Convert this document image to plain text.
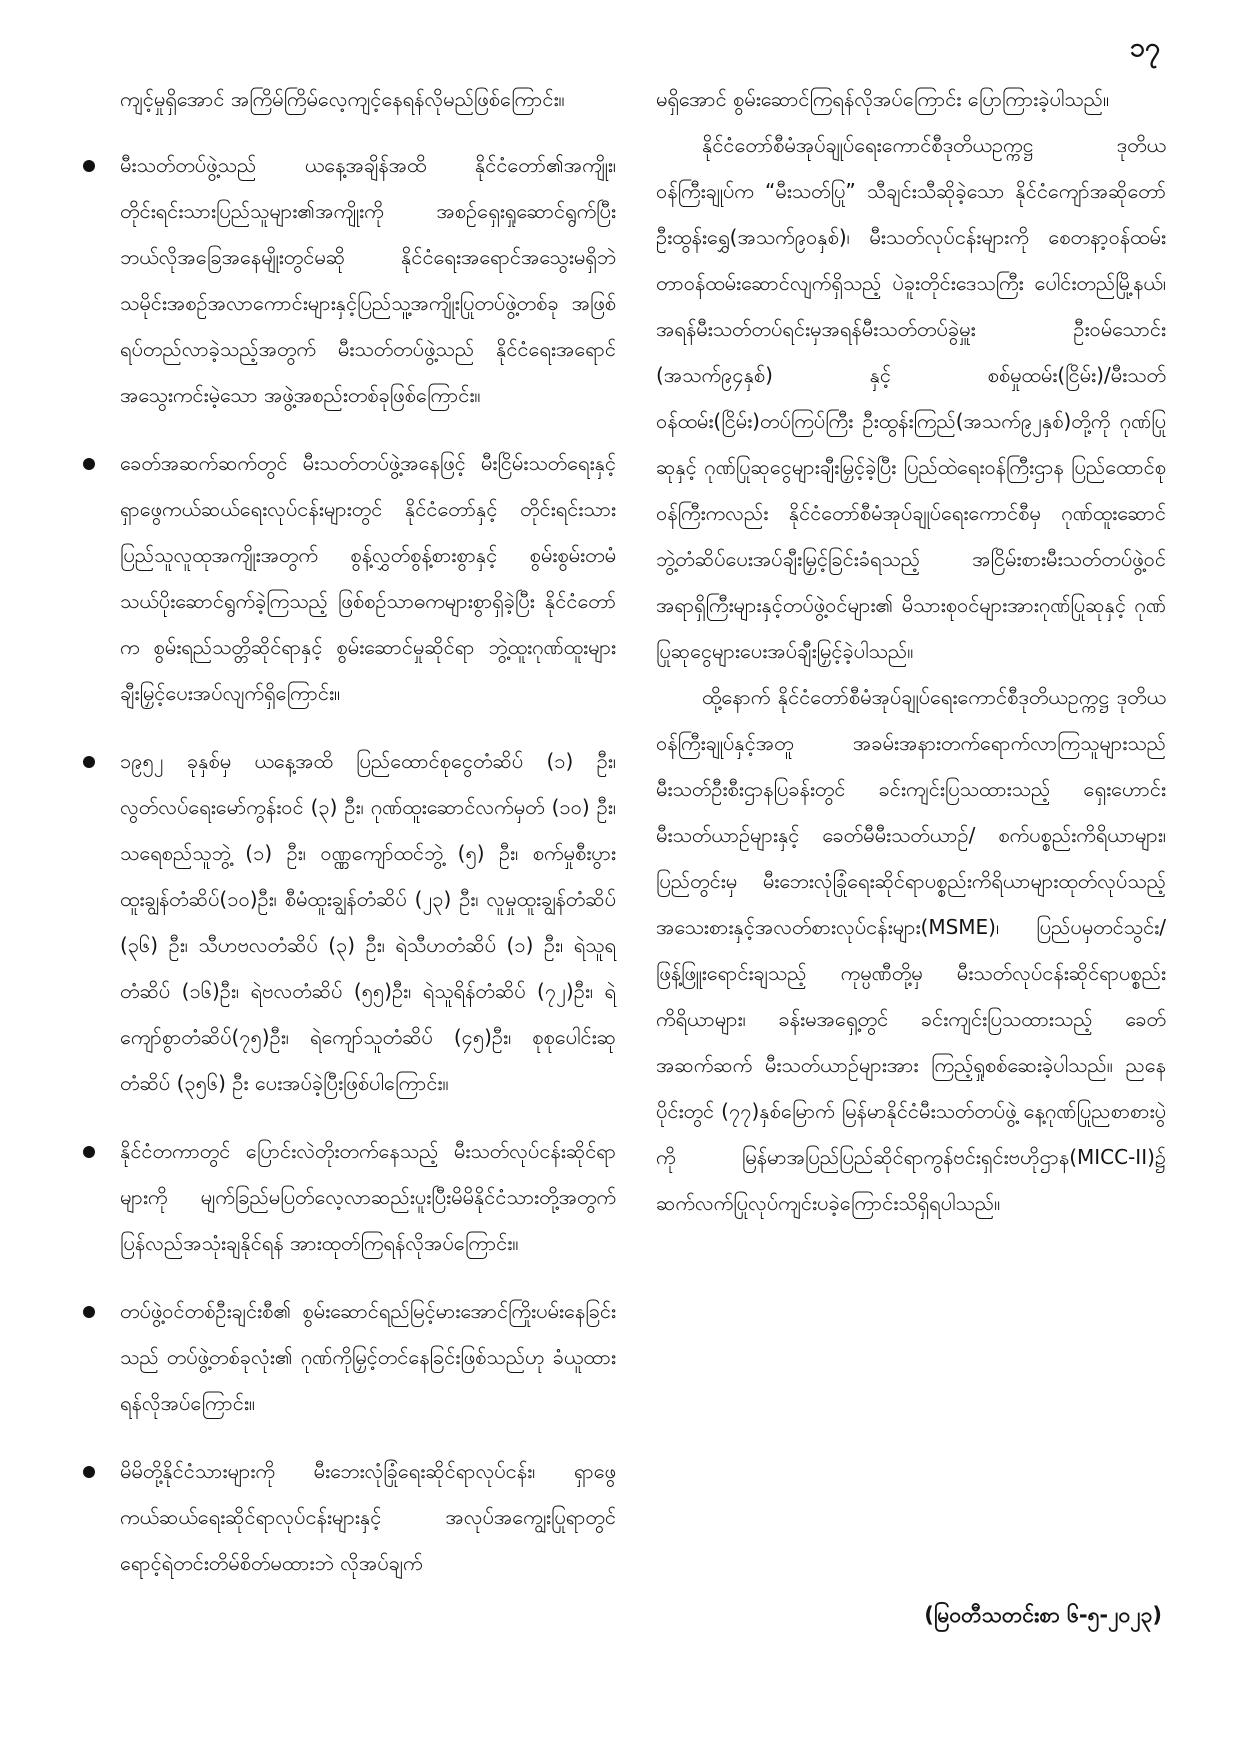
၁၇

ကျင့်မှုရှိအောင် အကြိမ်ကြိမ်လေ့ကျင့်နေရန်လိုမည်ဖြစ်ကြောင်း။

မီးသတ်တပ်ဖွဲ့သည် ယနေ့အချိန်အထိ နိုင်ငံတော်၏အကျိုး၊ တိုင်းရင်းသားပြည်သူများ၏အကျိုးကို အစဉ်ရှေးရှုဆောင်ရွက်ပြီး ဘယ်လိုအခြေအနေမျိုးတွင်မဆို နိုင်ငံရေးအရောင်အသွေးမရှိဘဲ သမိုင်းအစဉ်အလာကောင်းများနှင့်ပြည်သူ့အကျိုးပြုတပ်ဖွဲ့တစ်ခု အဖြစ်ရပ်တည်လာခဲ့သည့်အတွက် မီးသတ်တပ်ဖွဲ့သည် နိုင်ငံရေးအရောင်အသွေးကင်းမဲ့သော အဖွဲ့အစည်းတစ်ခုဖြစ်ကြောင်း။
ခေတ်အဆက်ဆက်တွင် မီးသတ်တပ်ဖွဲ့အနေဖြင့် မီးငြိမ်းသတ်ရေးနှင့် ရှာဖွေကယ်ဆယ်ရေးလုပ်ငန်းများတွင် နိုင်ငံတော်နှင့် တိုင်းရင်းသားပြည်သူလူထုအကျိုးအတွက် စွန့်လွှတ်စွန့်စားစွာနှင့် စွမ်းစွမ်းတမံသယ်ပိုးဆောင်ရွက်ခဲ့ကြသည့် ဖြစ်စဉ်သာဓကများစွာရှိခဲ့ပြီး နိုင်ငံတော်က စွမ်းရည်သတ္တိဆိုင်ရာနှင့် စွမ်းဆောင်မှုဆိုင်ရာ ဘွဲ့ထူးဂုဏ်ထူးများချီးမြှင့်ပေးအပ်လျက်ရှိကြောင်း။
၁၉၅၂ ခုနှစ်မှ ယနေ့အထိ ပြည်ထောင်စုငွေတံဆိပ် (၁) ဦး၊ လွတ်လပ်ရေးမော်ကွန်းဝင် (၃) ဦး၊ ဂုဏ်ထူးဆောင်လက်မှတ် (၁၀) ဦး၊ သရေစည်သူဘွဲ့ (၁) ဦး၊ ဝဏ္ဏကျော်ထင်ဘွဲ့ (၅) ဦး၊ စက်မှုစီးပွားထူးချွန်တံဆိပ်(၁၀)ဦး၊ စီမံထူးချွန်တံဆိပ် (၂၃) ဦး၊ လူမှုထူးချွန်တံဆိပ် (၃၆) ဦး၊ သီဟဗလတံဆိပ် (၃) ဦး၊ ရဲသီဟတံဆိပ် (၁) ဦး၊ ရဲသူရတံဆိပ် (၁၆)ဦး၊ ရဲဗလတံဆိပ် (၅၅)ဦး၊ ရဲသူရိန်တံဆိပ် (၇၂)ဦး၊ ရဲကျော်စွာတံဆိပ်(၇၅)ဦး၊ ရဲကျော်သူတံဆိပ် (၄၅)ဦး၊ စုစုပေါင်းဆုတံဆိပ် (၃၅၆) ဦး ပေးအပ်ခဲ့ပြီးဖြစ်ပါကြောင်း။
နိုင်ငံတကာတွင် ပြောင်းလဲတိုးတက်နေသည့် မီးသတ်လုပ်ငန်းဆိုင်ရာများကို မျက်ခြည်မပြတ်လေ့လာဆည်းပူးပြီးမိမိနိုင်ငံသားတို့အတွက် ပြန်လည်အသုံးချနိုင်ရန် အားထုတ်ကြရန်လိုအပ်ကြောင်း။
တပ်ဖွဲ့ဝင်တစ်ဦးချင်းစီ၏ စွမ်းဆောင်ရည်မြင့်မားအောင်ကြိုးပမ်းနေခြင်းသည် တပ်ဖွဲ့တစ်ခုလုံး၏ ဂုဏ်ကိုမြှင့်တင်နေခြင်းဖြစ်သည်ဟု ခံယူထားရန်လိုအပ်ကြောင်း။
မိမိတို့နိုင်ငံသားများကို မီးဘေးလုံခြုံရေးဆိုင်ရာလုပ်ငန်း၊ ရှာဖွေကယ်ဆယ်ရေးဆိုင်ရာလုပ်ငန်းများနှင့် အလုပ်အကျွေးပြုရာတွင် ရောင့်ရဲတင်းတိမ်စိတ်မထားဘဲ လိုအပ်ချက်

မရှိအောင် စွမ်းဆောင်ကြရန်လိုအပ်ကြောင်း ပြောကြားခဲ့ပါသည်။

နိုင်ငံတော်စီမံအုပ်ချုပ်ရေးကောင်စီဒုတိယဥက္ကဋ္ဌ ဒုတိယဝန်ကြီးချုပ်က “မီးသတ်ပြု” သီချင်းသီဆိုခဲ့သော နိုင်ငံကျော်အဆိုတော် ဦးထွန်းရွှေ(အသက်၉၀နှစ်)၊ မီးသတ်လုပ်ငန်းများကို စေတနာ့ဝန်ထမ်း တာဝန်ထမ်းဆောင်လျက်ရှိသည့် ပဲခူးတိုင်းဒေသကြီး ပေါင်းတည်မြို့နယ်၊ အရန်မီးသတ်တပ်ရင်းမှအရန်မီးသတ်တပ်ခွဲမှူး ဦးဝမ်သောင်း (အသက်၉၄နှစ်) နှင့် စစ်မှုထမ်း(ငြိမ်း)/မီးသတ်ဝန်ထမ်း(ငြိမ်း)တပ်ကြပ်ကြီး ဦးထွန်းကြည်(အသက်၉၂နှစ်)တို့ကို ဂုဏ်ပြုဆုနှင့် ဂုဏ်ပြုဆုငွေများချီးမြှင့်ခဲ့ပြီး ပြည်ထဲရေးဝန်ကြီးဌာန ပြည်ထောင်စုဝန်ကြီးကလည်း နိုင်ငံတော်စီမံအုပ်ချုပ်ရေးကောင်စီမှ ဂုဏ်ထူးဆောင်ဘွဲ့တံဆိပ်ပေးအပ်ချီးမြှင့်ခြင်းခံရသည့် အငြိမ်းစားမီးသတ်တပ်ဖွဲ့ဝင်အရာရှိကြီးများနှင့်တပ်ဖွဲ့ဝင်များ၏ မိသားစုဝင်များအားဂုဏ်ပြုဆုနှင့် ဂုဏ်ပြုဆုငွေများပေးအပ်ချီးမြှင့်ခဲ့ပါသည်။

ထို့နောက် နိုင်ငံတော်စီမံအုပ်ချုပ်ရေးကောင်စီဒုတိယဥက္ကဋ္ဌ ဒုတိယဝန်ကြီးချုပ်နှင့်အတူ အခမ်းအနားတက်ရောက်လာကြသူများသည် မီးသတ်ဦးစီးဌာနပြခန်းတွင် ခင်းကျင်းပြသထားသည့် ရှေးဟောင်းမီးသတ်ယာဉ်များနှင့် ခေတ်မီမီးသတ်ယာဉ်/ စက်ပစ္စည်းကိရိယာများ၊ ပြည်တွင်းမှ မီးဘေးလုံခြုံရေးဆိုင်ရာပစ္စည်းကိရိယာများထုတ်လုပ်သည့် အသေးစားနှင့်အလတ်စားလုပ်ငန်းများ(MSME)၊ ပြည်ပမှတင်သွင်း/ ဖြန့်ဖြူးရောင်းချသည့် ကုမ္ပဏီတို့မှ မီးသတ်လုပ်ငန်းဆိုင်ရာပစ္စည်းကိရိယာများ၊ ခန်းမအရှေ့တွင် ခင်းကျင်းပြသထားသည့် ခေတ်အဆက်ဆက် မီးသတ်ယာဉ်များအား ကြည့်ရှုစစ်ဆေးခဲ့ပါသည်။ ညနေပိုင်းတွင် (၇၇)နှစ်မြောက် မြန်မာနိုင်ငံမီးသတ်တပ်ဖွဲ့ နေ့ဂုဏ်ပြုညစာစားပွဲကို မြန်မာအပြည်ပြည်ဆိုင်ရာကွန်ဗင်းရှင်းဗဟိုဌာန(MICC-II)၌ ဆက်လက်ပြုလုပ်ကျင်းပခဲ့ကြောင်းသိရှိရပါသည်။

(မြဝတီသတင်းစာ ၆-၅-၂၀၂၃)
